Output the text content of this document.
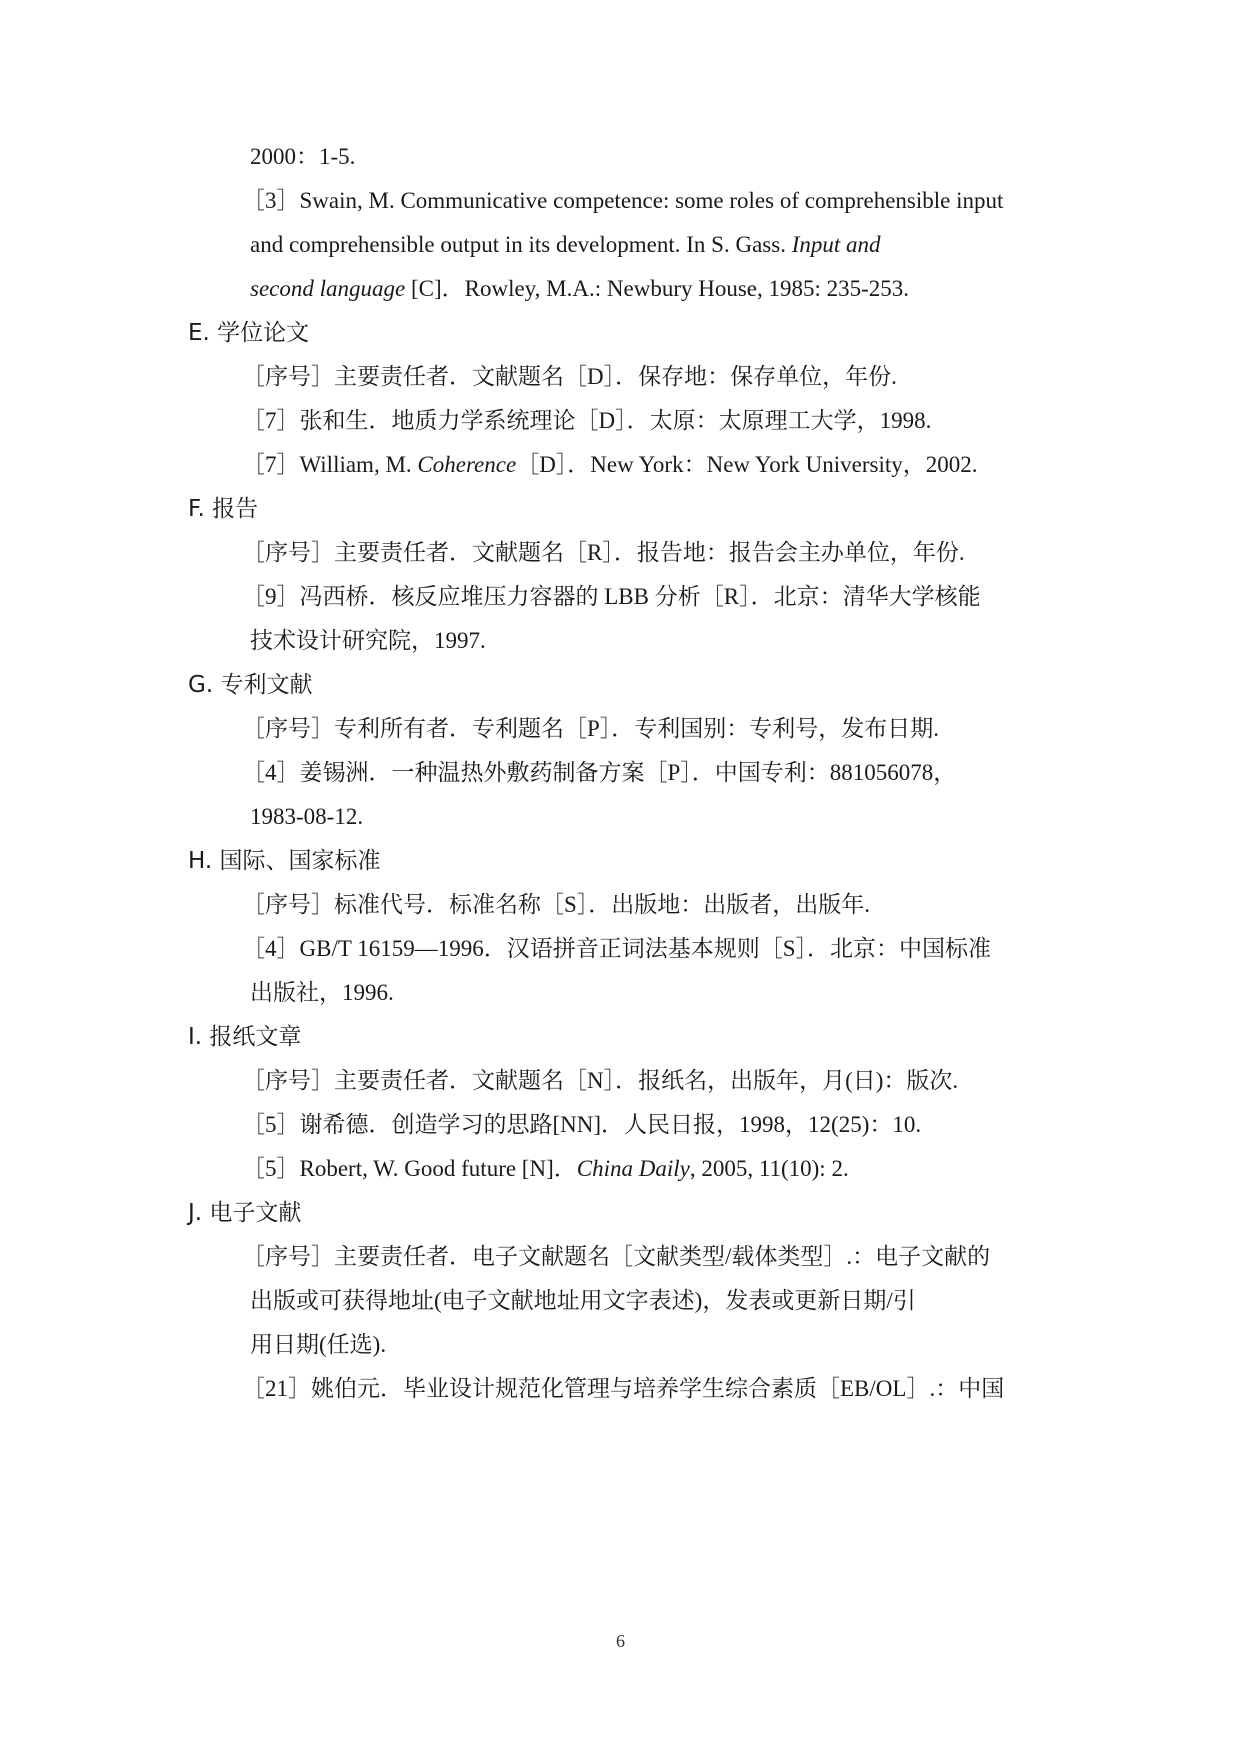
2000：1-5.
［3］Swain, M. Communicative competence: some roles of comprehensible input
and comprehensible output in its development. In S. Gass. Input and
second language [C]．Rowley, M.A.: Newbury House, 1985: 235-253.
E. 学位论文
［序号］主要责任者．文献题名［D］．保存地：保存单位，年份.
［7］张和生．地质力学系统理论［D］．太原：太原理工大学，1998.
［7］William, M. Coherence［D］．New York：New York University，2002.
F. 报告
［序号］主要责任者．文献题名［R］．报告地：报告会主办单位，年份.
［9］冯西桥．核反应堆压力容器的 LBB 分析［R］．北京：清华大学核能
技术设计研究院，1997.
G. 专利文献
［序号］专利所有者．专利题名［P］．专利国别：专利号，发布日期.
［4］姜锡洲．一种温热外敷药制备方案［P］．中国专利：881056078，
1983-08-12.
H. 国际、国家标准
［序号］标准代号．标准名称［S］．出版地：出版者，出版年.
［4］GB/T 16159—1996．汉语拼音正词法基本规则［S］．北京：中国标准
出版社，1996.
I. 报纸文章
［序号］主要责任者．文献题名［N］．报纸名，出版年，月(日)：版次.
［5］谢希德．创造学习的思路[NN]．人民日报，1998，12(25)：10.
［5］Robert, W. Good future [N]．China Daily, 2005, 11(10): 2.
J. 电子文献
［序号］主要责任者．电子文献题名［文献类型/载体类型］.：电子文献的
出版或可获得地址(电子文献地址用文字表述)，发表或更新日期/引
用日期(任选).
［21］姚伯元．毕业设计规范化管理与培养学生综合素质［EB/OL］.：中国
6
